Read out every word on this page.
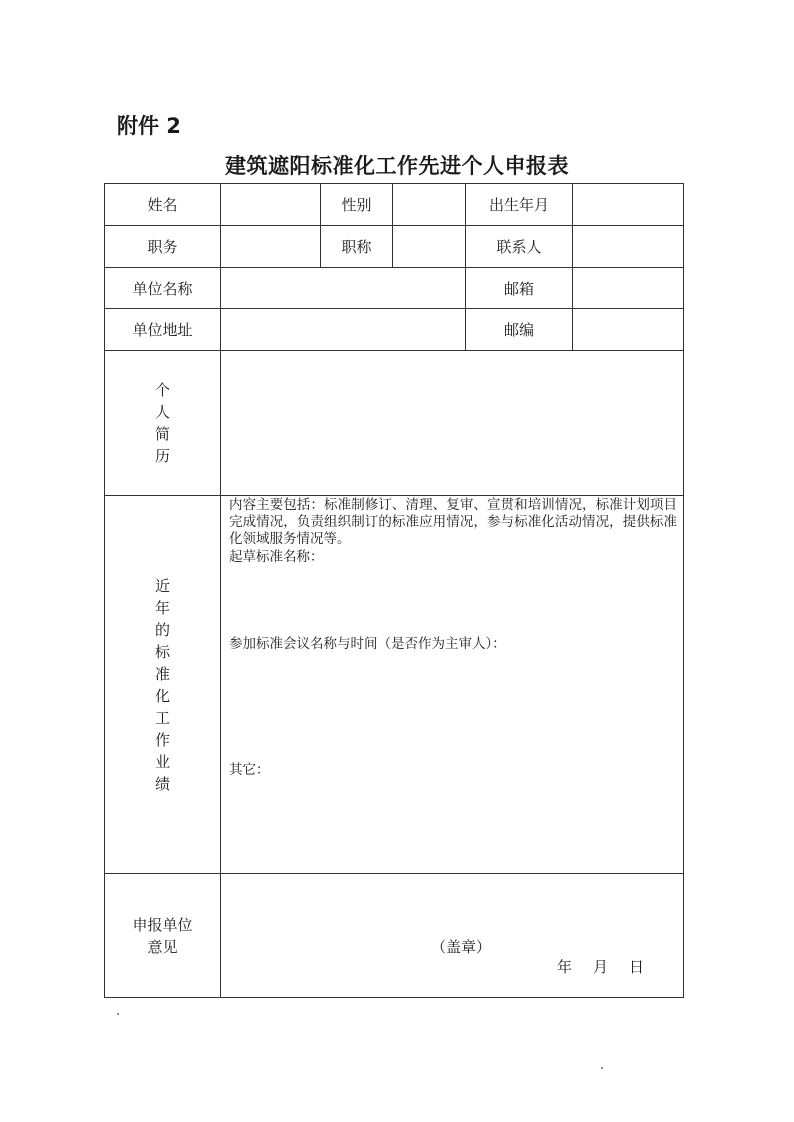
附件 2
建筑遮阳标准化工作先进个人申报表
姓名	性别	出生年月
职务	职称	联系人
单位名称	邮箱
单位地址	邮编
个
人
简
历
近
年
的
标
准
化
工
作
业
绩
内容主要包括：标准制修订、清理、复审、宣贯和培训情况，标准计划项目完成情况，负责组织制订的标准应用情况，参与标准化活动情况，提供标准化领域服务情况等。
起草标准名称：
参加标准会议名称与时间（是否作为主审人）：
其它：
申报单位
意见	（盖章）
年　月　日
